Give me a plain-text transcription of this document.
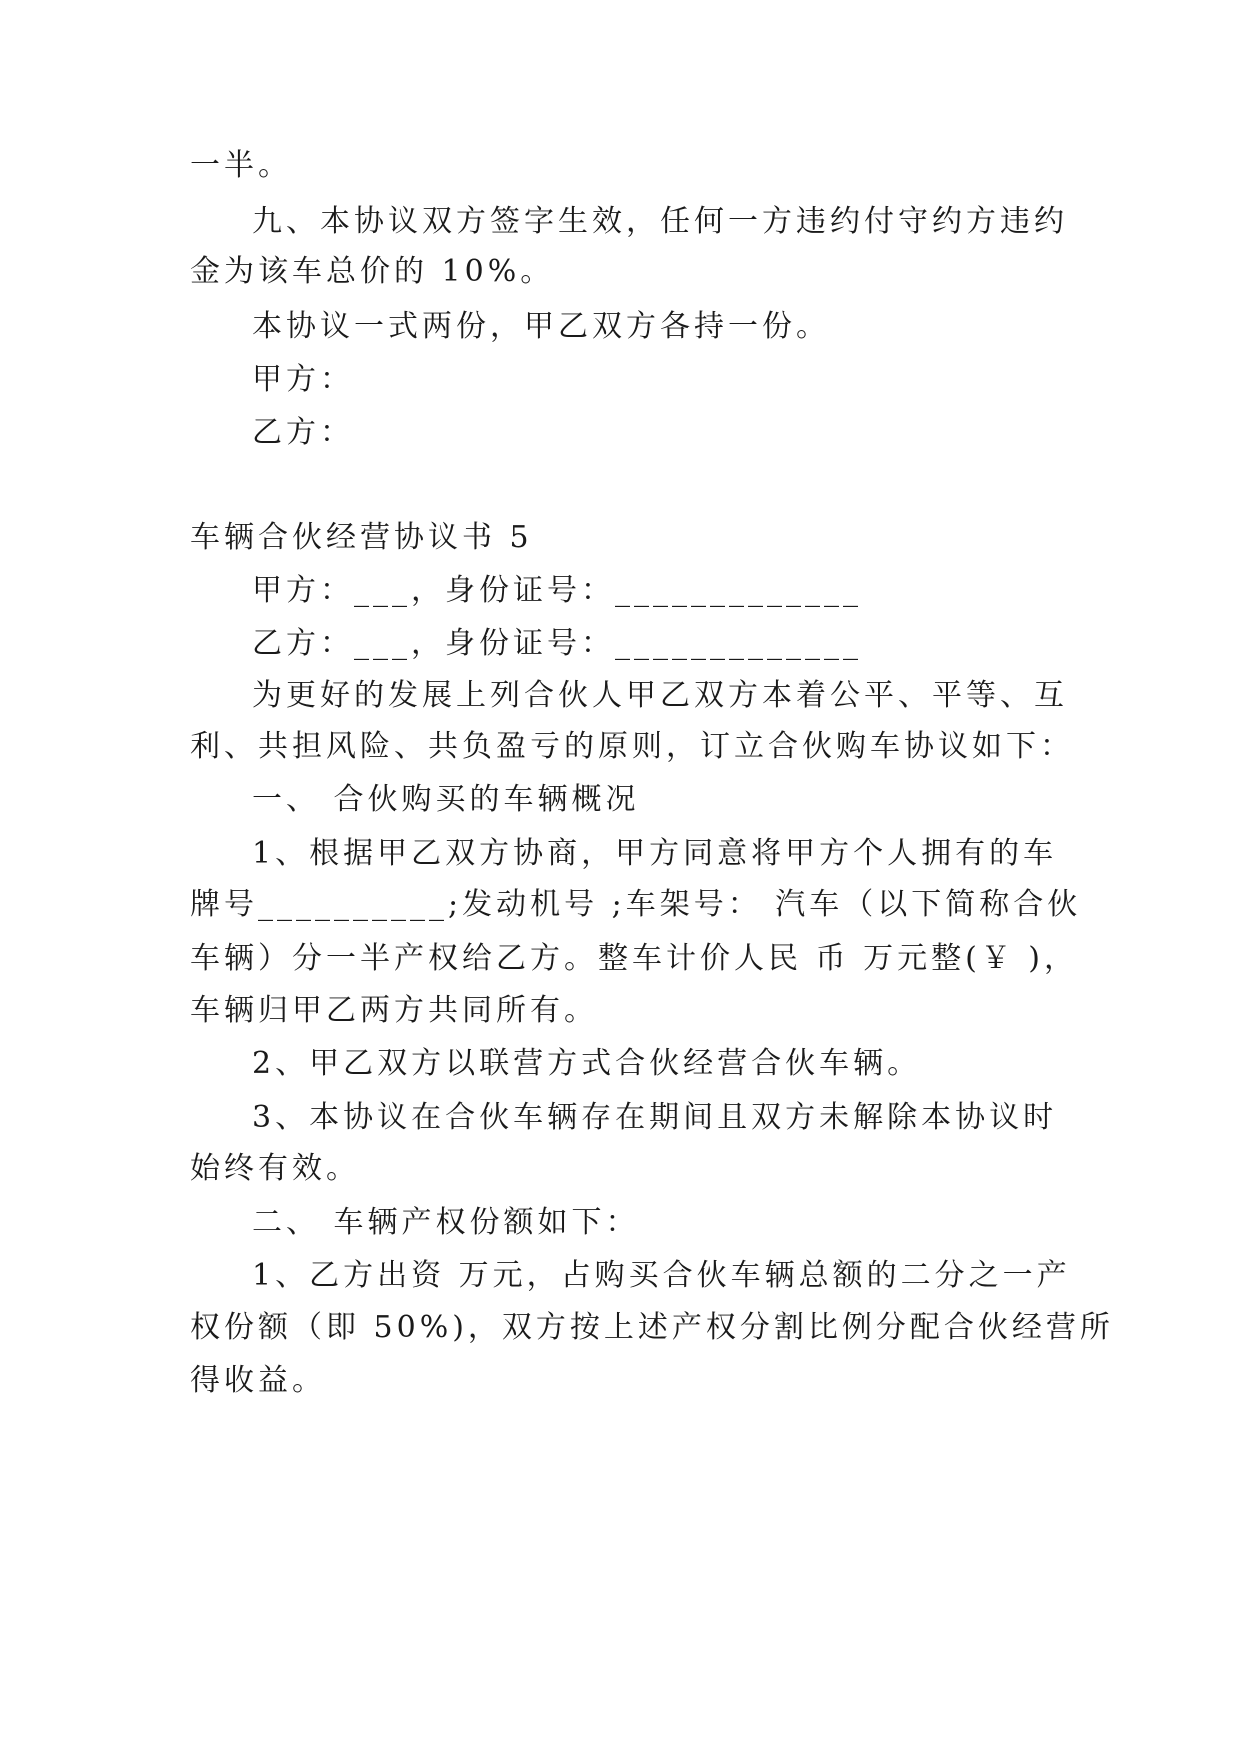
一半。
九、本协议双方签字生效，任何一方违约付守约方违约
金为该车总价的 10%。
本协议一式两份，甲乙双方各持一份。
甲方：
乙方：
车辆合伙经营协议书 5
甲方：___，身份证号：_____________
乙方：___，身份证号：_____________
为更好的发展上列合伙人甲乙双方本着公平、平等、互
利、共担风险、共负盈亏的原则，订立合伙购车协议如下：
一、 合伙购买的车辆概况
1、根据甲乙双方协商，甲方同意将甲方个人拥有的车
牌号__________;发动机号 ;车架号： 汽车（以下简称合伙
车辆）分一半产权给乙方。整车计价人民 币 万元整(￥ )，
车辆归甲乙两方共同所有。
2、甲乙双方以联营方式合伙经营合伙车辆。
3、本协议在合伙车辆存在期间且双方未解除本协议时
始终有效。
二、 车辆产权份额如下：
1、乙方出资 万元，占购买合伙车辆总额的二分之一产
权份额（即 50%)，双方按上述产权分割比例分配合伙经营所
得收益。
